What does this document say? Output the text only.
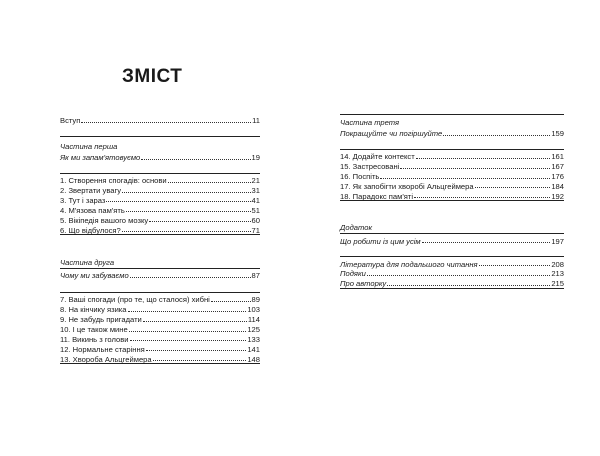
ЗМІСТ
Вступ	11
Частина перша
Як ми запам'ятовуємо	19
1. Створення спогадів: основи	21
2. Звертати увагу	31
3. Тут і зараз	41
4. М'язова пам'ять	51
5. Вікіпедія вашого мозку	60
6. Що відбулося?	71
Частина друга
Чому ми забуваємо	87
7. Ваші спогади (про те, що сталося) хибні	89
8. На кінчику язика	103
9. Не забудь пригадати	114
10. І це також мине	125
11. Викинь з голови	133
12. Нормальне старіння	141
13. Хвороба Альцгеймера	148
Частина третя
Покращуйте чи погіршуйте	159
14. Додайте контекст	161
15. Застресовані	167
16. Поспіть	176
17. Як запобігти хворобі Альцгеймера	184
18. Парадокс пам'яті	192
Додаток
Що робити із цим усім	197
Література для подальшого читання	208
Подяки	213
Про авторку	215
